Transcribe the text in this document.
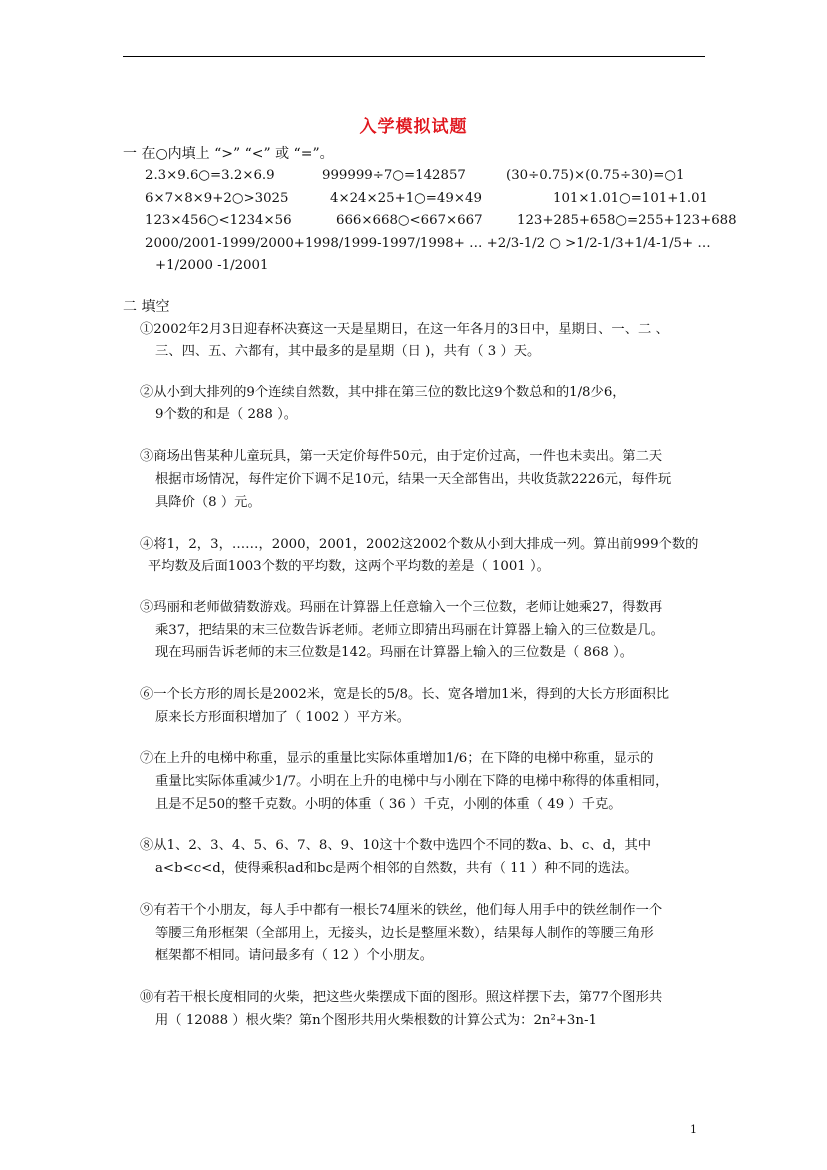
入学模拟试题
一 在○内填上 “>” “<” 或 “=”。
2.3×9.6○=3.2×6.9	999999÷7○=142857	(30÷0.75)×(0.75÷30)=○1
6×7×8×9+2○>3025	4×24×25+1○=49×49	101×1.01○=101+1.01
123×456○<1234×56	666×668○<667×667	123+285+658○=255+123+688
2000/2001-1999/2000+1998/1999-1997/1998+ … +2/3-1/2 ○ >1/2-1/3+1/4-1/5+ …
+1/2000 -1/2001
二 填空
①2002年2月3日迎春杯决赛这一天是星期日，在这一年各月的3日中，星期日、一、二 、
三、四、五、六都有，其中最多的是星期（日 )，共有（ 3 ）天。
②从小到大排列的9个连续自然数，其中排在第三位的数比这9个数总和的1/8少6，
9个数的和是（ 288 ）。
③商场出售某种儿童玩具，第一天定价每件50元，由于定价过高，一件也未卖出。第二天
根据市场情况，每件定价下调不足10元，结果一天全部售出，共收货款2226元，每件玩
具降价（8 ）元。
④将1，2，3，……，2000，2001，2002这2002个数从小到大排成一列。算出前999个数的
平均数及后面1003个数的平均数，这两个平均数的差是（ 1001 ）。
⑤玛丽和老师做猜数游戏。玛丽在计算器上任意输入一个三位数，老师让她乘27，得数再
乘37，把结果的末三位数告诉老师。老师立即猜出玛丽在计算器上输入的三位数是几。
现在玛丽告诉老师的末三位数是142。玛丽在计算器上输入的三位数是（ 868 ）。
⑥一个长方形的周长是2002米，宽是长的5/8。长、宽各增加1米，得到的大长方形面积比
原来长方形面积增加了（ 1002 ）平方米。
⑦在上升的电梯中称重，显示的重量比实际体重增加1/6；在下降的电梯中称重，显示的
重量比实际体重减少1/7。小明在上升的电梯中与小刚在下降的电梯中称得的体重相同，
且是不足50的整千克数。小明的体重（ 36 ）千克，小刚的体重（ 49 ）千克。
⑧从1、2、3、4、5、6、7、8、9、10这十个数中选四个不同的数a、b、c、d，其中
a<b<c<d，使得乘积ad和bc是两个相邻的自然数，共有（ 11 ）种不同的选法。
⑨有若干个小朋友，每人手中都有一根长74厘米的铁丝，他们每人用手中的铁丝制作一个
等腰三角形框架（全部用上，无接头，边长是整厘米数），结果每人制作的等腰三角形
框架都不相同。请问最多有（ 12 ）个小朋友。
⑩有若干根长度相同的火柴，把这些火柴摆成下面的图形。照这样摆下去，第77个图形共
用（ 12088 ）根火柴？第n个图形共用火柴根数的计算公式为：2n²+3n-1
1
